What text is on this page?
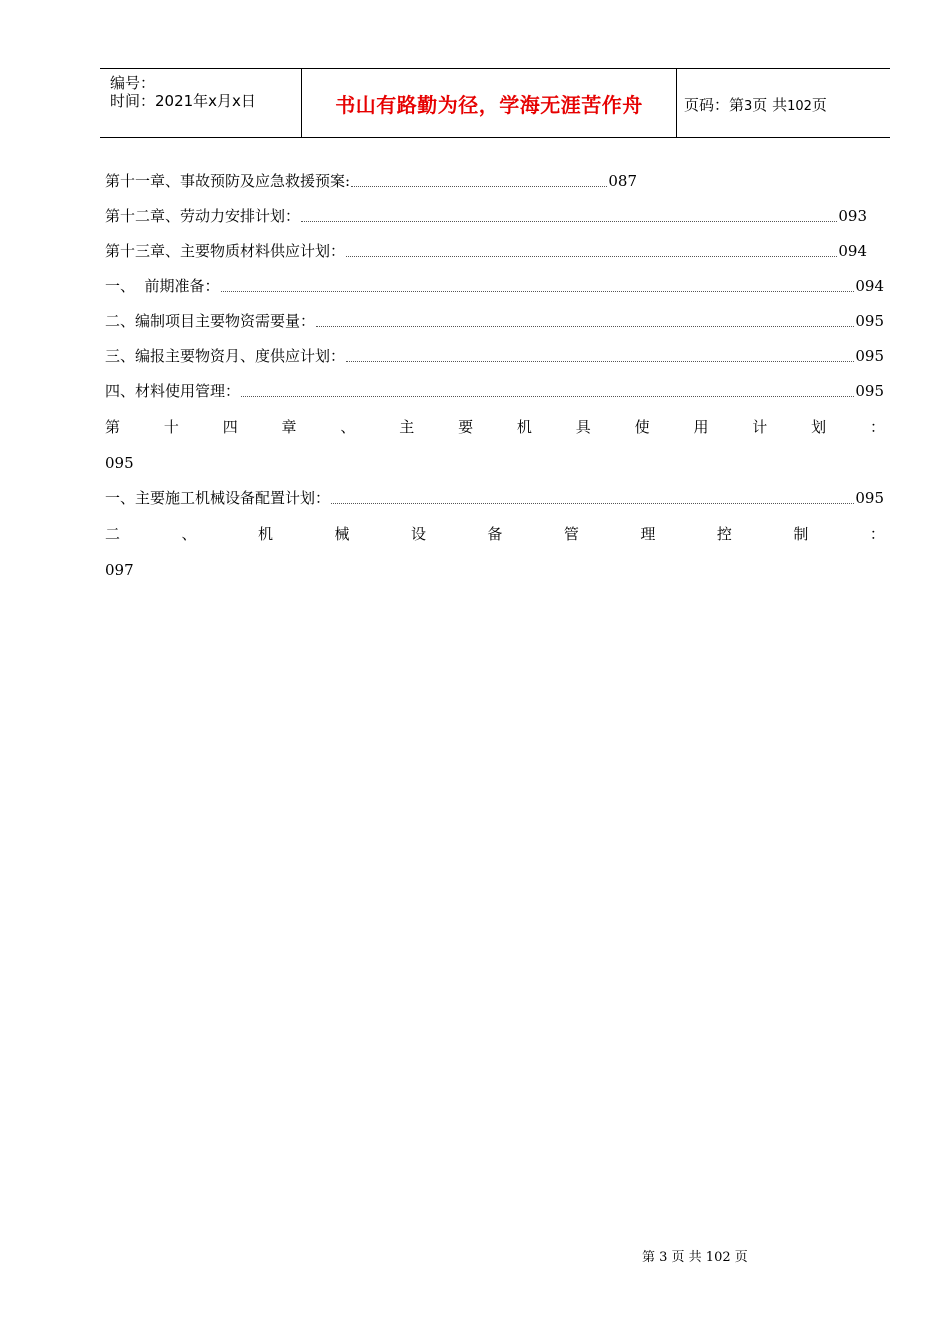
编号：
时间：2021年x月x日	书山有路勤为径，学海无涯苦作舟	页码：第3页 共102页
第十一章、事故预防及应急救援预案:	087
第十二章、劳动力安排计划：	093
第十三章、主要物质材料供应计划：	094
一、  前期准备：	094
二、编制项目主要物资需要量：	095
三、编报主要物资月、度供应计划：	095
四、材料使用管理：	095
第	十	四	章	、	主	要	机	具	使	用	计	划	：
095
一、主要施工机械设备配置计划：	095
二	、	机	械	设	备	管	理	控	制	：
097
第 3 页 共 102 页
